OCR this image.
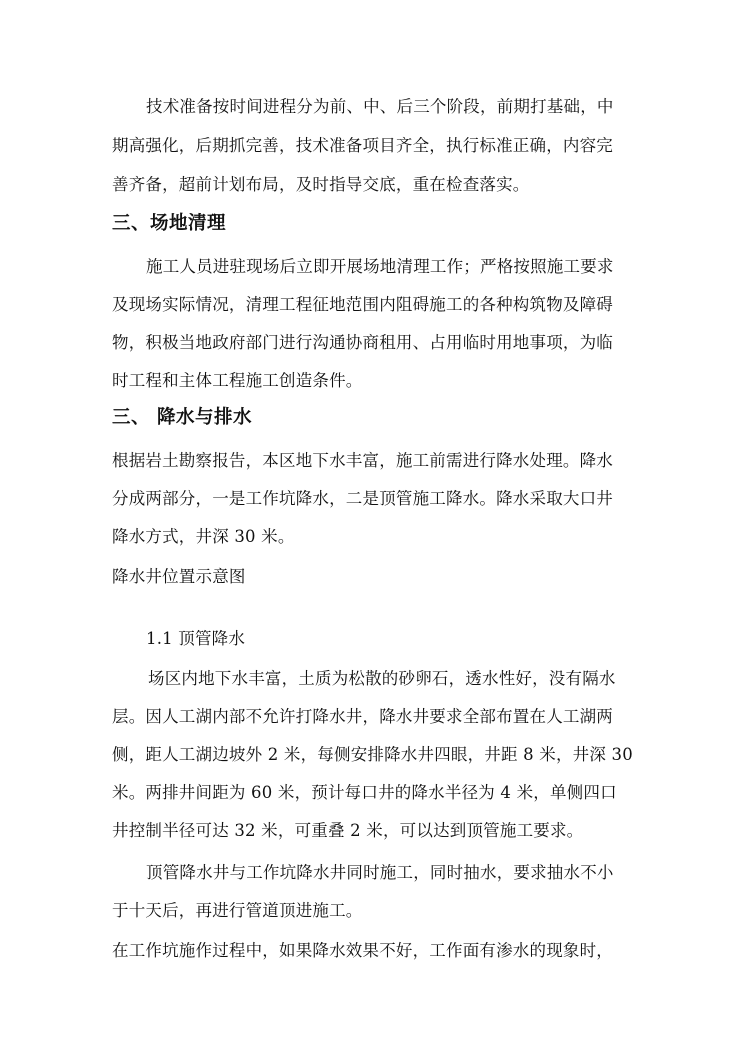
技术准备按时间进程分为前、中、后三个阶段，前期打基础，中
期高强化，后期抓完善，技术准备项目齐全，执行标准正确，内容完
善齐备，超前计划布局，及时指导交底，重在检查落实。
三、场地清理
施工人员进驻现场后立即开展场地清理工作；严格按照施工要求
及现场实际情况，清理工程征地范围内阻碍施工的各种构筑物及障碍
物，积极当地政府部门进行沟通协商租用、占用临时用地事项，为临
时工程和主体工程施工创造条件。
三、 降水与排水
根据岩土勘察报告，本区地下水丰富，施工前需进行降水处理。降水
分成两部分，一是工作坑降水，二是顶管施工降水。降水采取大口井
降水方式，井深 30 米。
降水井位置示意图
1.1 顶管降水
场区内地下水丰富，土质为松散的砂卵石，透水性好，没有隔水
层。因人工湖内部不允许打降水井，降水井要求全部布置在人工湖两
侧，距人工湖边坡外 2 米，每侧安排降水井四眼，井距 8 米，井深 30
米。两排井间距为 60 米，预计每口井的降水半径为 4 米，单侧四口
井控制半径可达 32 米，可重叠 2 米，可以达到顶管施工要求。
顶管降水井与工作坑降水井同时施工，同时抽水，要求抽水不小
于十天后，再进行管道顶进施工。
在工作坑施作过程中，如果降水效果不好，工作面有渗水的现象时，
